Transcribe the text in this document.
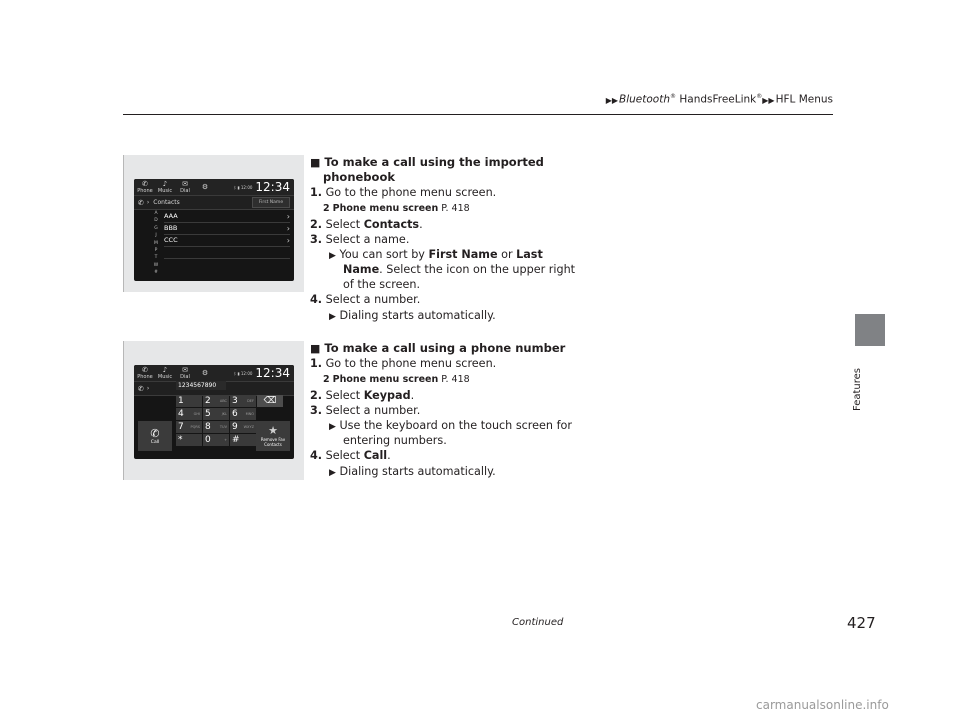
▶▶Bluetooth® HandsFreeLink®▶▶HFL Menus
Features
✆
Phone
♪
Music
✉
Dial ⚙	ᛒ ▮ 12:00 12:34
✆ › Contacts	First Name
A
D
G
J
M
P
T
W
#
AAA	›
BBB	›
CCC	›
✆
Phone
♪
Music
✉
Dial ⚙	ᛒ ▮ 12:00 12:34
✆ ›	1234567890
1 2	ABC 3	DEF ⌫
4	GHI 5	JKL 6 MNO
7 PQRS 8	TUV 9 WXYZ
*	0	+ #
✆
Call
★
Remove Fav
Contacts
■ To make a call using the imported
phonebook
1. Go to the phone menu screen.
2 Phone menu screen P. 418
2. Select Contacts.
3. Select a name.
▶ You can sort by First Name or Last
Name. Select the icon on the upper right
of the screen.
4. Select a number.
▶ Dialing starts automatically.
■ To make a call using a phone number
1. Go to the phone menu screen.
2 Phone menu screen P. 418
2. Select Keypad.
3. Select a number.
▶ Use the keyboard on the touch screen for
entering numbers.
4. Select Call.
▶ Dialing starts automatically.
Continued	427
carmanualsonline.info
